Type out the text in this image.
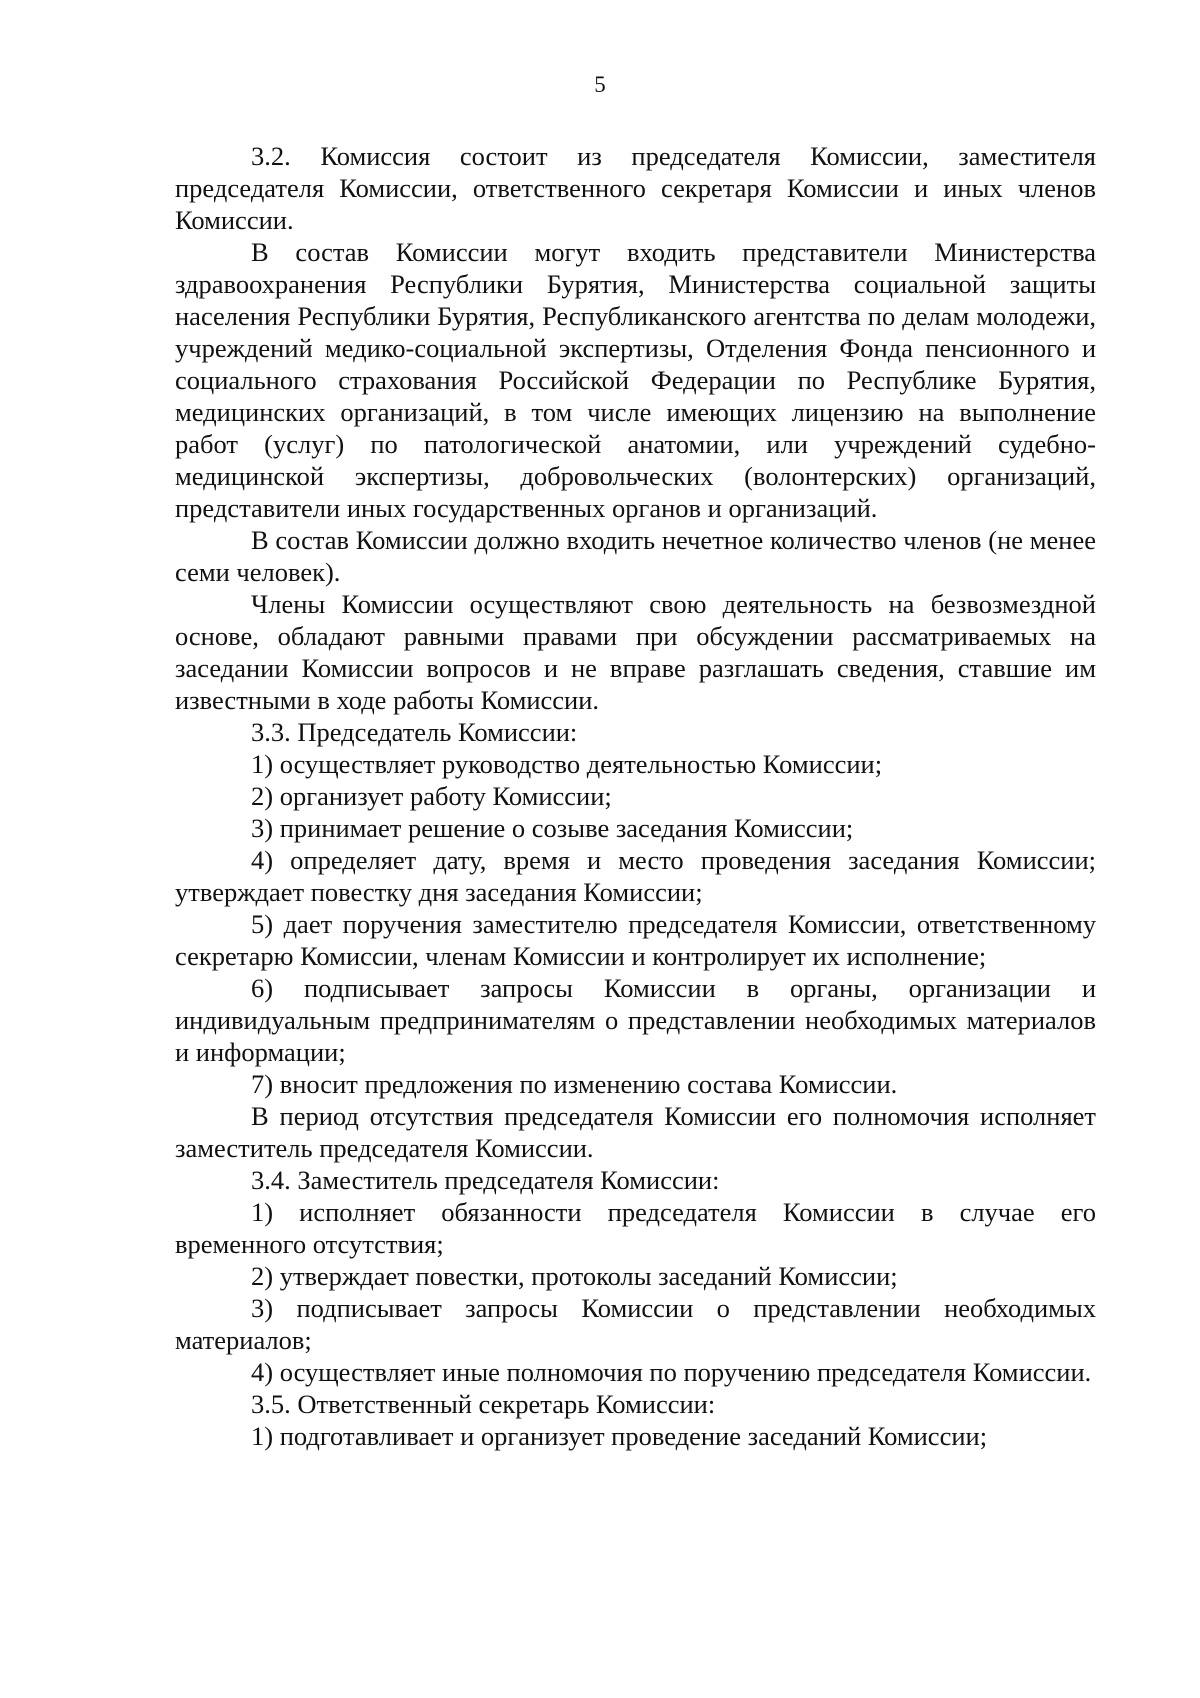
5

3.2. Комиссия состоит из председателя Комиссии, заместителя председателя Комиссии, ответственного секретаря Комиссии и иных членов Комиссии.

В состав Комиссии могут входить представители Министерства здравоохранения Республики Бурятия, Министерства социальной защиты населения Республики Бурятия, Республиканского агентства по делам молодежи, учреждений медико-социальной экспертизы, Отделения Фонда пенсионного и социального страхования Российской Федерации по Республике Бурятия, медицинских организаций, в том числе имеющих лицензию на выполнение работ (услуг) по патологической анатомии, или учреждений судебно-медицинской экспертизы, добровольческих (волонтерских) организаций, представители иных государственных органов и организаций.

В состав Комиссии должно входить нечетное количество членов (не менее семи человек).

Члены Комиссии осуществляют свою деятельность на безвозмездной основе, обладают равными правами при обсуждении рассматриваемых на заседании Комиссии вопросов и не вправе разглашать сведения, ставшие им известными в ходе работы Комиссии.

3.3. Председатель Комиссии:

1) осуществляет руководство деятельностью Комиссии;

2) организует работу Комиссии;

3) принимает решение о созыве заседания Комиссии;

4) определяет дату, время и место проведения заседания Комиссии; утверждает повестку дня заседания Комиссии;

5) дает поручения заместителю председателя Комиссии, ответственному секретарю Комиссии, членам Комиссии и контролирует их исполнение;

6) подписывает запросы Комиссии в органы, организации и индивидуальным предпринимателям о представлении необходимых материалов и информации;

7) вносит предложения по изменению состава Комиссии.

В период отсутствия председателя Комиссии его полномочия исполняет заместитель председателя Комиссии.

3.4. Заместитель председателя Комиссии:

1) исполняет обязанности председателя Комиссии в случае его временного отсутствия;

2) утверждает повестки, протоколы заседаний Комиссии;

3) подписывает запросы Комиссии о представлении необходимых материалов;

4) осуществляет иные полномочия по поручению председателя Комиссии.

3.5. Ответственный секретарь Комиссии:

1) подготавливает и организует проведение заседаний Комиссии;
